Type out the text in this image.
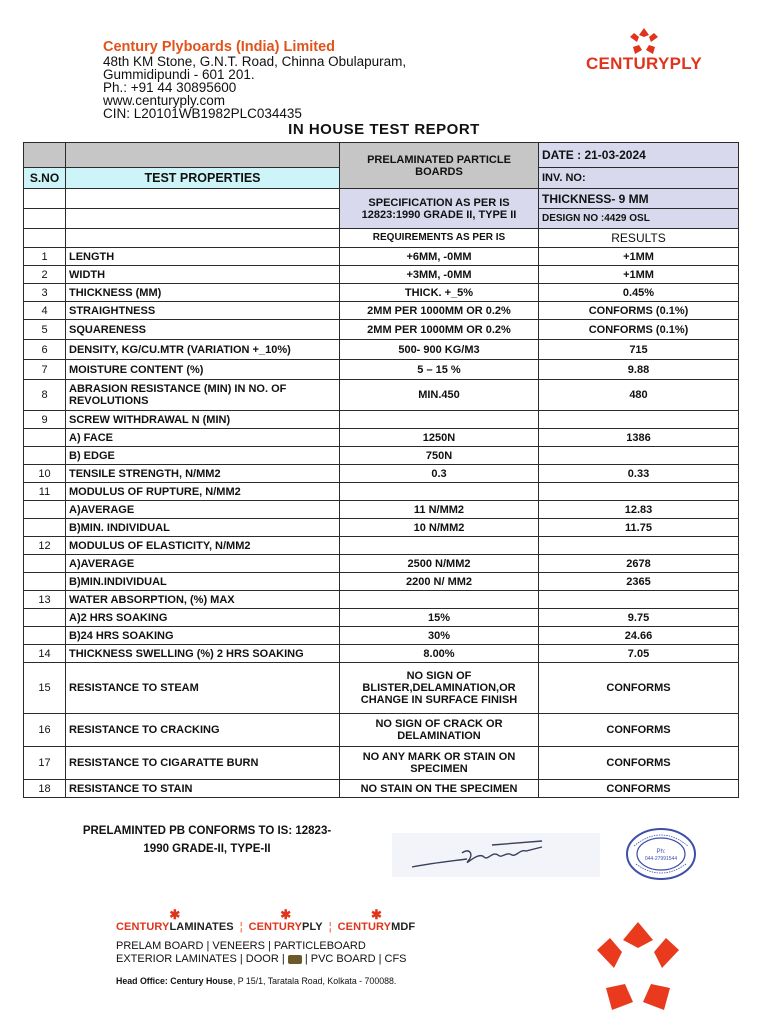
Century Plyboards (India) Limited
48th KM Stone, G.N.T. Road, Chinna Obulapuram,
Gummidipundi - 601 201.
Ph.: +91 44 30895600
www.centuryply.com
CIN: L20101WB1982PLC034435
CENTURYPLY
IN HOUSE TEST REPORT
		PRELAMINATED PARTICLE BOARDS	DATE : 21-03-2024
S.NO	TEST PROPERTIES		INV. NO:
		SPECIFICATION AS PER IS 12823:1990 GRADE II, TYPE II	THICKNESS- 9 MM
			DESIGN NO :4429 OSL
		REQUIREMENTS AS PER IS	RESULTS
1	LENGTH	+6MM, -0MM	+1MM
2	WIDTH	+3MM, -0MM	+1MM
3	THICKNESS (MM)	THICK. +_5%	0.45%
4	STRAIGHTNESS	2MM PER 1000MM OR 0.2%	CONFORMS (0.1%)
5	SQUARENESS	2MM PER 1000MM OR 0.2%	CONFORMS (0.1%)
6	DENSITY, KG/CU.MTR (VARIATION +_10%)	500- 900 KG/M3	715
7	MOISTURE CONTENT (%)	5 – 15 %	9.88
8	ABRASION RESISTANCE (MIN) IN NO. OF REVOLUTIONS	MIN.450	480
9	SCREW WITHDRAWAL N (MIN)		
	A) FACE	1250N	1386
	B) EDGE	750N	
10	TENSILE STRENGTH, N/MM2	0.3	0.33
11	MODULUS OF RUPTURE, N/MM2		
	A)AVERAGE	11 N/MM2	12.83
	B)MIN. INDIVIDUAL	10 N/MM2	11.75
12	MODULUS OF ELASTICITY, N/MM2		
	A)AVERAGE	2500 N/MM2	2678
	B)MIN.INDIVIDUAL	2200 N/ MM2	2365
13	WATER ABSORPTION, (%) MAX		
	A)2 HRS SOAKING	15%	9.75
	B)24 HRS SOAKING	30%	24.66
14	THICKNESS SWELLING (%) 2 HRS SOAKING	8.00%	7.05
15	RESISTANCE TO STEAM	NO SIGN OF BLISTER,DELAMINATION,OR CHANGE IN SURFACE FINISH	CONFORMS
16	RESISTANCE TO CRACKING	NO SIGN OF CRACK OR DELAMINATION	CONFORMS
17	RESISTANCE TO CIGARATTE BURN	NO ANY MARK OR STAIN ON SPECIMEN	CONFORMS
18	RESISTANCE TO STAIN	NO STAIN ON THE SPECIMEN	CONFORMS
PRELAMINTED PB CONFORMS TO IS: 12823-1990 GRADE-II, TYPE-II	Ph:
044-27991544
✱
CENTURYLAMINATES ¦
✱
CENTURYPLY ¦
✱
CENTURYMDF
PRELAM BOARD | VENEERS | PARTICLEBOARD
EXTERIOR LAMINATES | DOOR | | PVC BOARD | CFS
Head Office: Century House, P 15/1, Taratala Road, Kolkata - 700088.
